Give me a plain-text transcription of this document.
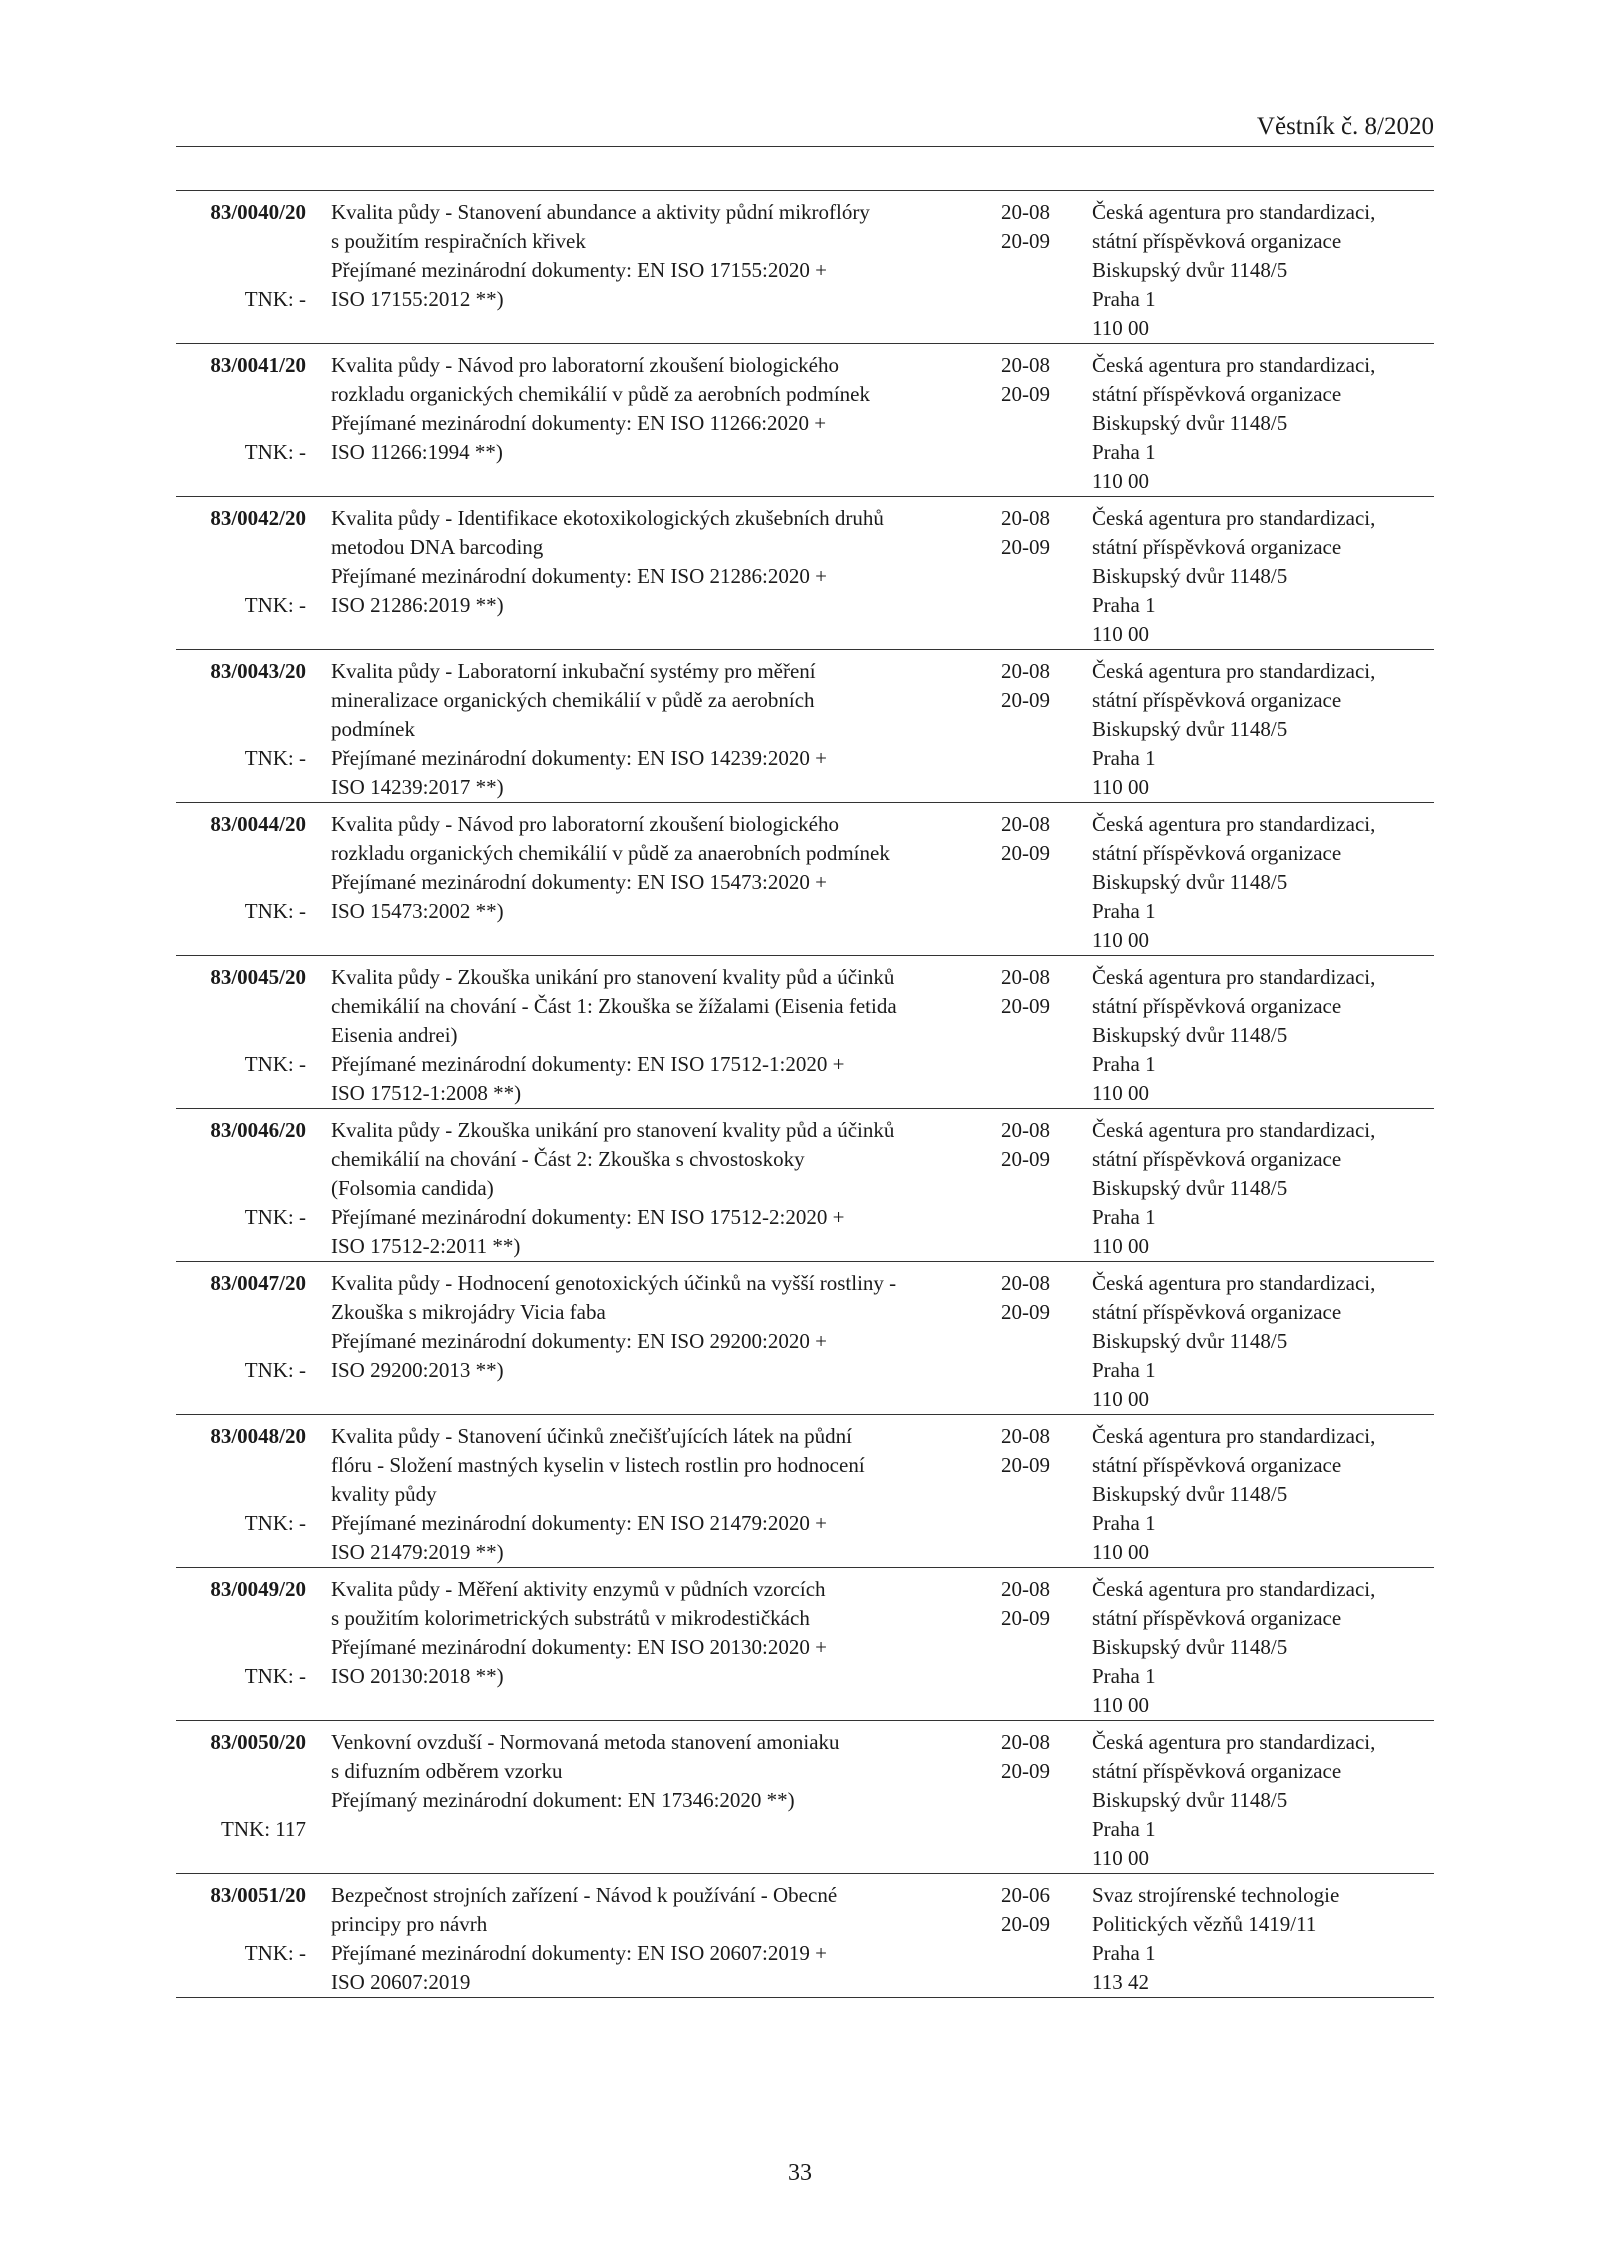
Věstník č. 8/2020
83/0040/20
TNK: -
Kvalita půdy - Stanovení abundance a aktivity půdní mikroflóry
s použitím respiračních křivek
Přejímané mezinárodní dokumenty: EN ISO 17155:2020 +
ISO 17155:2012 **)
20-08
20-09
Česká agentura pro standardizaci,
státní příspěvková organizace
Biskupský dvůr 1148/5
Praha 1
110 00
83/0041/20
TNK: -
Kvalita půdy - Návod pro laboratorní zkoušení biologického
rozkladu organických chemikálií v půdě za aerobních podmínek
Přejímané mezinárodní dokumenty: EN ISO 11266:2020 +
ISO 11266:1994 **)
20-08
20-09
Česká agentura pro standardizaci,
státní příspěvková organizace
Biskupský dvůr 1148/5
Praha 1
110 00
83/0042/20
TNK: -
Kvalita půdy - Identifikace ekotoxikologických zkušebních druhů
metodou DNA barcoding
Přejímané mezinárodní dokumenty: EN ISO 21286:2020 +
ISO 21286:2019 **)
20-08
20-09
Česká agentura pro standardizaci,
státní příspěvková organizace
Biskupský dvůr 1148/5
Praha 1
110 00
83/0043/20
TNK: -
Kvalita půdy - Laboratorní inkubační systémy pro měření
mineralizace organických chemikálií v půdě za aerobních
podmínek
Přejímané mezinárodní dokumenty: EN ISO 14239:2020 +
ISO 14239:2017 **)
20-08
20-09
Česká agentura pro standardizaci,
státní příspěvková organizace
Biskupský dvůr 1148/5
Praha 1
110 00
83/0044/20
TNK: -
Kvalita půdy - Návod pro laboratorní zkoušení biologického
rozkladu organických chemikálií v půdě za anaerobních podmínek
Přejímané mezinárodní dokumenty: EN ISO 15473:2020 +
ISO 15473:2002 **)
20-08
20-09
Česká agentura pro standardizaci,
státní příspěvková organizace
Biskupský dvůr 1148/5
Praha 1
110 00
83/0045/20
TNK: -
Kvalita půdy - Zkouška unikání pro stanovení kvality půd a účinků
chemikálií na chování - Část 1: Zkouška se žížalami (Eisenia fetida
Eisenia andrei)
Přejímané mezinárodní dokumenty: EN ISO 17512-1:2020 +
ISO 17512-1:2008 **)
20-08
20-09
Česká agentura pro standardizaci,
státní příspěvková organizace
Biskupský dvůr 1148/5
Praha 1
110 00
83/0046/20
TNK: -
Kvalita půdy - Zkouška unikání pro stanovení kvality půd a účinků
chemikálií na chování - Část 2: Zkouška s chvostoskoky
(Folsomia candida)
Přejímané mezinárodní dokumenty: EN ISO 17512-2:2020 +
ISO 17512-2:2011 **)
20-08
20-09
Česká agentura pro standardizaci,
státní příspěvková organizace
Biskupský dvůr 1148/5
Praha 1
110 00
83/0047/20
TNK: -
Kvalita půdy - Hodnocení genotoxických účinků na vyšší rostliny -
Zkouška s mikrojádry Vicia faba
Přejímané mezinárodní dokumenty: EN ISO 29200:2020 +
ISO 29200:2013 **)
20-08
20-09
Česká agentura pro standardizaci,
státní příspěvková organizace
Biskupský dvůr 1148/5
Praha 1
110 00
83/0048/20
TNK: -
Kvalita půdy - Stanovení účinků znečišťujících látek na půdní
flóru - Složení mastných kyselin v listech rostlin pro hodnocení
kvality půdy
Přejímané mezinárodní dokumenty: EN ISO 21479:2020 +
ISO 21479:2019 **)
20-08
20-09
Česká agentura pro standardizaci,
státní příspěvková organizace
Biskupský dvůr 1148/5
Praha 1
110 00
83/0049/20
TNK: -
Kvalita půdy - Měření aktivity enzymů v půdních vzorcích
s použitím kolorimetrických substrátů v mikrodestičkách
Přejímané mezinárodní dokumenty: EN ISO 20130:2020 +
ISO 20130:2018 **)
20-08
20-09
Česká agentura pro standardizaci,
státní příspěvková organizace
Biskupský dvůr 1148/5
Praha 1
110 00
83/0050/20
TNK: 117
Venkovní ovzduší - Normovaná metoda stanovení amoniaku
s difuzním odběrem vzorku
Přejímaný mezinárodní dokument: EN 17346:2020 **)
20-08
20-09
Česká agentura pro standardizaci,
státní příspěvková organizace
Biskupský dvůr 1148/5
Praha 1
110 00
83/0051/20
TNK: -
Bezpečnost strojních zařízení - Návod k používání - Obecné
principy pro návrh
Přejímané mezinárodní dokumenty: EN ISO 20607:2019 +
ISO 20607:2019
20-06
20-09
Svaz strojírenské technologie
Politických vězňů 1419/11
Praha 1
113 42
33
